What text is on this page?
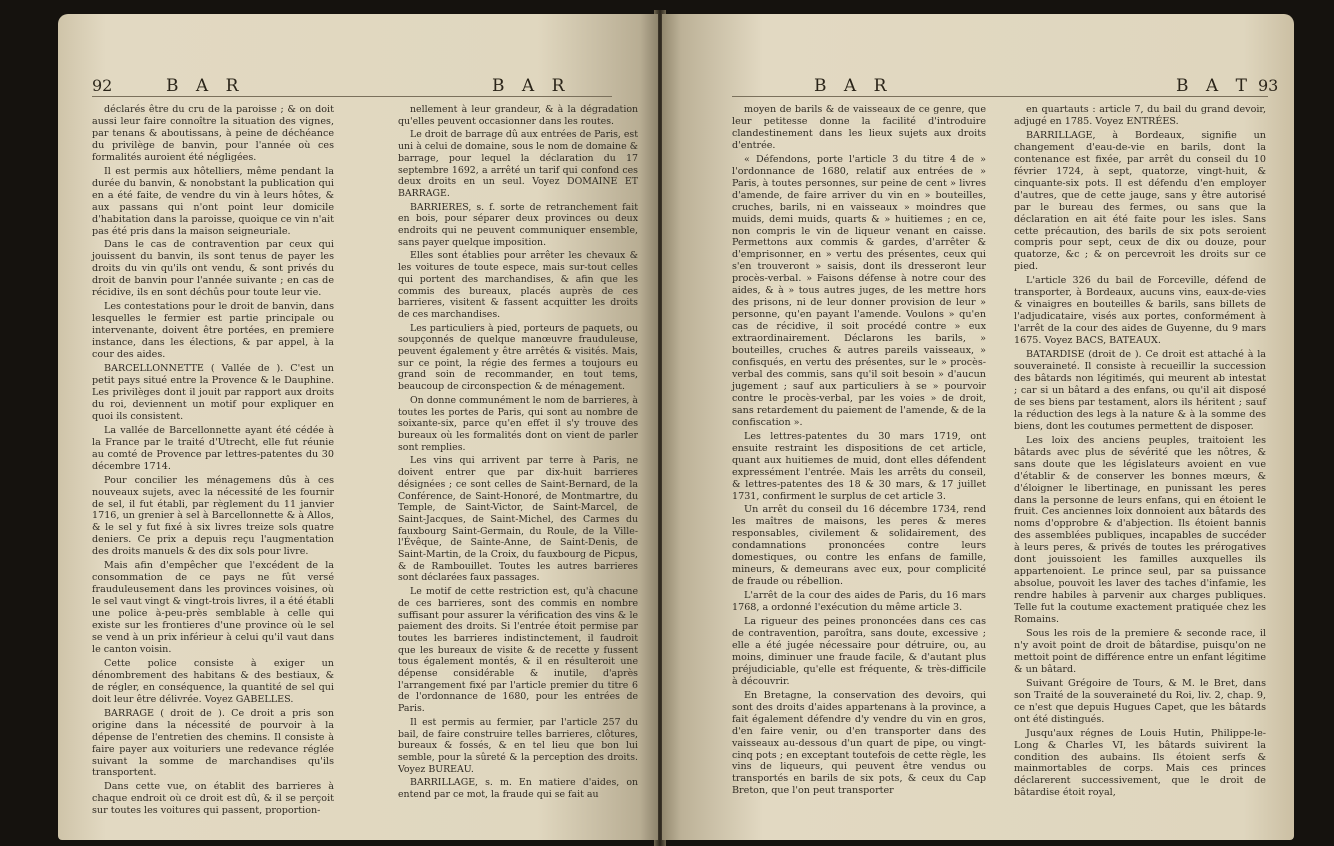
92	B A R	B A R

déclarés être du cru de la paroisse ; & on doit aussi leur faire connoître la situation des vignes, par tenans & aboutissans, à peine de déchéance du privilège de banvin, pour l'année où ces formalités auroient été négligées.

Il est permis aux hôtelliers, même pendant la durée du banvin, & nonobstant la publication qui en a été faite, de vendre du vin à leurs hôtes, & aux passans qui n'ont point leur domicile d'habitation dans la paroisse, quoique ce vin n'ait pas été pris dans la maison seigneuriale.

Dans le cas de contravention par ceux qui jouissent du banvin, ils sont tenus de payer les droits du vin qu'ils ont vendu, & sont privés du droit de banvin pour l'année suivante ; en cas de récidive, ils en sont déchûs pour toute leur vie.

Les contestations pour le droit de banvin, dans lesquelles le fermier est partie principale ou intervenante, doivent être portées, en premiere instance, dans les élections, & par appel, à la cour des aides.

BARCELLONNETTE ( Vallée de ). C'est un petit pays situé entre la Provence & le Dauphine. Les privilèges dont il jouit par rapport aux droits du roi, deviennent un motif pour expliquer en quoi ils consistent.

La vallée de Barcellonnette ayant été cédée à la France par le traité d'Utrecht, elle fut réunie au comté de Provence par lettres-patentes du 30 décembre 1714.

Pour concilier les ménagemens dûs à ces nouveaux sujets, avec la nécessité de les fournir de sel, il fut établi, par règlement du 11 janvier 1716, un grenier à sel à Barcellonnette & à Allos, & le sel y fut fixé à six livres treize sols quatre deniers. Ce prix a depuis reçu l'augmentation des droits manuels & des dix sols pour livre.

Mais afin d'empêcher que l'excédent de la consommation de ce pays ne fût versé frauduleusement dans les provinces voisines, où le sel vaut vingt & vingt-trois livres, il a été établi une police à-peu-près semblable à celle qui existe sur les frontieres d'une province où le sel se vend à un prix inférieur à celui qu'il vaut dans le canton voisin.

Cette police consiste à exiger un dénombrement des habitans & des bestiaux, & de régler, en conséquence, la quantité de sel qui doit leur être délivrée. Voyez GABELLES.

BARRAGE ( droit de ). Ce droit a pris son origine dans la nécessité de pourvoir à la dépense de l'entretien des chemins. Il consiste à faire payer aux voituriers une redevance réglée suivant la somme de marchandises qu'ils transportent.

Dans cette vue, on établit des barrieres à chaque endroit où ce droit est dû, & il se perçoit sur toutes les voitures qui passent, proportion-

nellement à leur grandeur, & à la dégradation qu'elles peuvent occasionner dans les routes.

Le droit de barrage dû aux entrées de Paris, est uni à celui de domaine, sous le nom de domaine & barrage, pour lequel la déclaration du 17 septembre 1692, a arrêté un tarif qui confond ces deux droits en un seul. Voyez DOMAINE ET BARRAGE.

BARRIERES, s. f. sorte de retranchement fait en bois, pour séparer deux provinces ou deux endroits qui ne peuvent communiquer ensemble, sans payer quelque imposition.

Elles sont établies pour arrêter les chevaux & les voitures de toute espece, mais sur-tout celles qui portent des marchandises, & afin que les commis des bureaux, placés auprès de ces barrieres, visitent & fassent acquitter les droits de ces marchandises.

Les particuliers à pied, porteurs de paquets, ou soupçonnés de quelque manœuvre frauduleuse, peuvent également y être arrêtés & visités. Mais, sur ce point, la régie des fermes a toujours eu grand soin de recommander, en tout tems, beaucoup de circonspection & de ménagement.

On donne communément le nom de barrieres, à toutes les portes de Paris, qui sont au nombre de soixante-six, parce qu'en effet il s'y trouve des bureaux où les formalités dont on vient de parler sont remplies.

Les vins qui arrivent par terre à Paris, ne doivent entrer que par dix-huit barrieres désignées ; ce sont celles de Saint-Bernard, de la Conférence, de Saint-Honoré, de Montmartre, du Temple, de Saint-Victor, de Saint-Marcel, de Saint-Jacques, de Saint-Michel, des Carmes du fauxbourg Saint-Germain, du Roule, de la Ville-l'Évêque, de Sainte-Anne, de Saint-Denis, de Saint-Martin, de la Croix, du fauxbourg de Picpus, & de Rambouillet. Toutes les autres barrieres sont déclarées faux passages.

Le motif de cette restriction est, qu'à chacune de ces barrieres, sont des commis en nombre suffisant pour assurer la vérification des vins & le paiement des droits. Si l'entrée étoit permise par toutes les barrieres indistinctement, il faudroit que les bureaux de visite & de recette y fussent tous également montés, & il en résulteroit une dépense considérable & inutile, d'après l'arrangement fixé par l'article premier du titre 6 de l'ordonnance de 1680, pour les entrées de Paris.

Il est permis au fermier, par l'article 257 du bail, de faire construire telles barrieres, clôtures, bureaux & fossés, & en tel lieu que bon lui semble, pour la sûreté & la perception des droits. Voyez BUREAU.

BARRILLAGE, s. m. En matiere d'aides, on entend par ce mot, la fraude qui se fait au

B A R	B A T 93

moyen de barils & de vaisseaux de ce genre, que leur petitesse donne la facilité d'introduire clandestinement dans les lieux sujets aux droits d'entrée.

« Défendons, porte l'article 3 du titre 4 de » l'ordonnance de 1680, relatif aux entrées de » Paris, à toutes personnes, sur peine de cent » livres d'amende, de faire arriver du vin en » bouteilles, cruches, barils, ni en vaisseaux » moindres que muids, demi muids, quarts & » huitiemes ; en ce, non compris le vin de liqueur venant en caisse. Permettons aux commis & gardes, d'arrêter & d'emprisonner, en » vertu des présentes, ceux qui s'en trouveront » saisis, dont ils dresseront leur procès-verbal. » Faisons défense à notre cour des aides, & à » tous autres juges, de les mettre hors des prisons, ni de leur donner provision de leur » personne, qu'en payant l'amende. Voulons » qu'en cas de récidive, il soit procédé contre » eux extraordinairement. Déclarons les barils, » bouteilles, cruches & autres pareils vaisseaux, » confisqués, en vertu des présentes, sur le » procès-verbal des commis, sans qu'il soit besoin » d'aucun jugement ; sauf aux particuliers à se » pourvoir contre le procès-verbal, par les voies » de droit, sans retardement du paiement de l'amende, & de la confiscation ».

Les lettres-patentes du 30 mars 1719, ont ensuite restraint les dispositions de cet article, quant aux huitiemes de muid, dont elles défendent expressément l'entrée. Mais les arrêts du conseil, & lettres-patentes des 18 & 30 mars, & 17 juillet 1731, confirment le surplus de cet article 3.

Un arrêt du conseil du 16 décembre 1734, rend les maîtres de maisons, les peres & meres responsables, civilement & solidairement, des condamnations prononcées contre leurs domestiques, ou contre les enfans de famille, mineurs, & demeurans avec eux, pour complicité de fraude ou rébellion.

L'arrêt de la cour des aides de Paris, du 16 mars 1768, a ordonné l'exécution du même article 3.

La rigueur des peines prononcées dans ces cas de contravention, paroîtra, sans doute, excessive ; elle a été jugée nécessaire pour détruire, ou, au moins, diminuer une fraude facile, & d'autant plus préjudiciable, qu'elle est fréquente, & très-difficile à découvrir.

En Bretagne, la conservation des devoirs, qui sont des droits d'aides appartenans à la province, a fait également défendre d'y vendre du vin en gros, d'en faire venir, ou d'en transporter dans des vaisseaux au-dessous d'un quart de pipe, ou vingt-cinq pots ; en exceptant toutefois de cette règle, les vins de liqueurs, qui peuvent être vendus ou transportés en barils de six pots, & ceux du Cap Breton, que l'on peut transporter

en quartauts : article 7, du bail du grand devoir, adjugé en 1785. Voyez ENTRÉES.

BARRILLAGE, à Bordeaux, signifie un changement d'eau-de-vie en barils, dont la contenance est fixée, par arrêt du conseil du 10 février 1724, à sept, quatorze, vingt-huit, & cinquante-six pots. Il est défendu d'en employer d'autres, que de cette jauge, sans y être autorisé par le bureau des fermes, ou sans que la déclaration en ait été faite pour les isles. Sans cette précaution, des barils de six pots seroient compris pour sept, ceux de dix ou douze, pour quatorze, &c ; & on percevroit les droits sur ce pied.

L'article 326 du bail de Forceville, défend de transporter, à Bordeaux, aucuns vins, eaux-de-vies & vinaigres en bouteilles & barils, sans billets de l'adjudicataire, visés aux portes, conformément à l'arrêt de la cour des aides de Guyenne, du 9 mars 1675. Voyez BACS, BATEAUX.

BATARDISE (droit de ). Ce droit est attaché à la souveraineté. Il consiste à recueillir la succession des bâtards non légitimés, qui meurent ab intestat ; car si un bâtard a des enfans, ou qu'il ait disposé de ses biens par testament, alors ils héritent ; sauf la réduction des legs à la nature & à la somme des biens, dont les coutumes permettent de disposer.

Les loix des anciens peuples, traitoient les bâtards avec plus de sévérité que les nôtres, & sans doute que les législateurs avoient en vue d'établir & de conserver les bonnes mœurs, & d'éloigner le libertinage, en punissant les peres dans la personne de leurs enfans, qui en étoient le fruit. Ces anciennes loix donnoient aux bâtards des noms d'opprobre & d'abjection. Ils étoient bannis des assemblées publiques, incapables de succéder à leurs peres, & privés de toutes les prérogatives dont jouissoient les familles auxquelles ils appartenoient. Le prince seul, par sa puissance absolue, pouvoit les laver des taches d'infamie, les rendre habiles à parvenir aux charges publiques. Telle fut la coutume exactement pratiquée chez les Romains.

Sous les rois de la premiere & seconde race, il n'y avoit point de droit de bâtardise, puisqu'on ne mettoit point de différence entre un enfant légitime & un bâtard.

Suivant Grégoire de Tours, & M. le Bret, dans son Traité de la souveraineté du Roi, liv. 2, chap. 9, ce n'est que depuis Hugues Capet, que les bâtards ont été distingués.

Jusqu'aux régnes de Louis Hutin, Philippe-le-Long & Charles VI, les bâtards suivirent la condition des aubains. Ils étoient serfs & mainmortables de corps. Mais ces princes déclarerent successivement, que le droit de bâtardise étoit royal,
